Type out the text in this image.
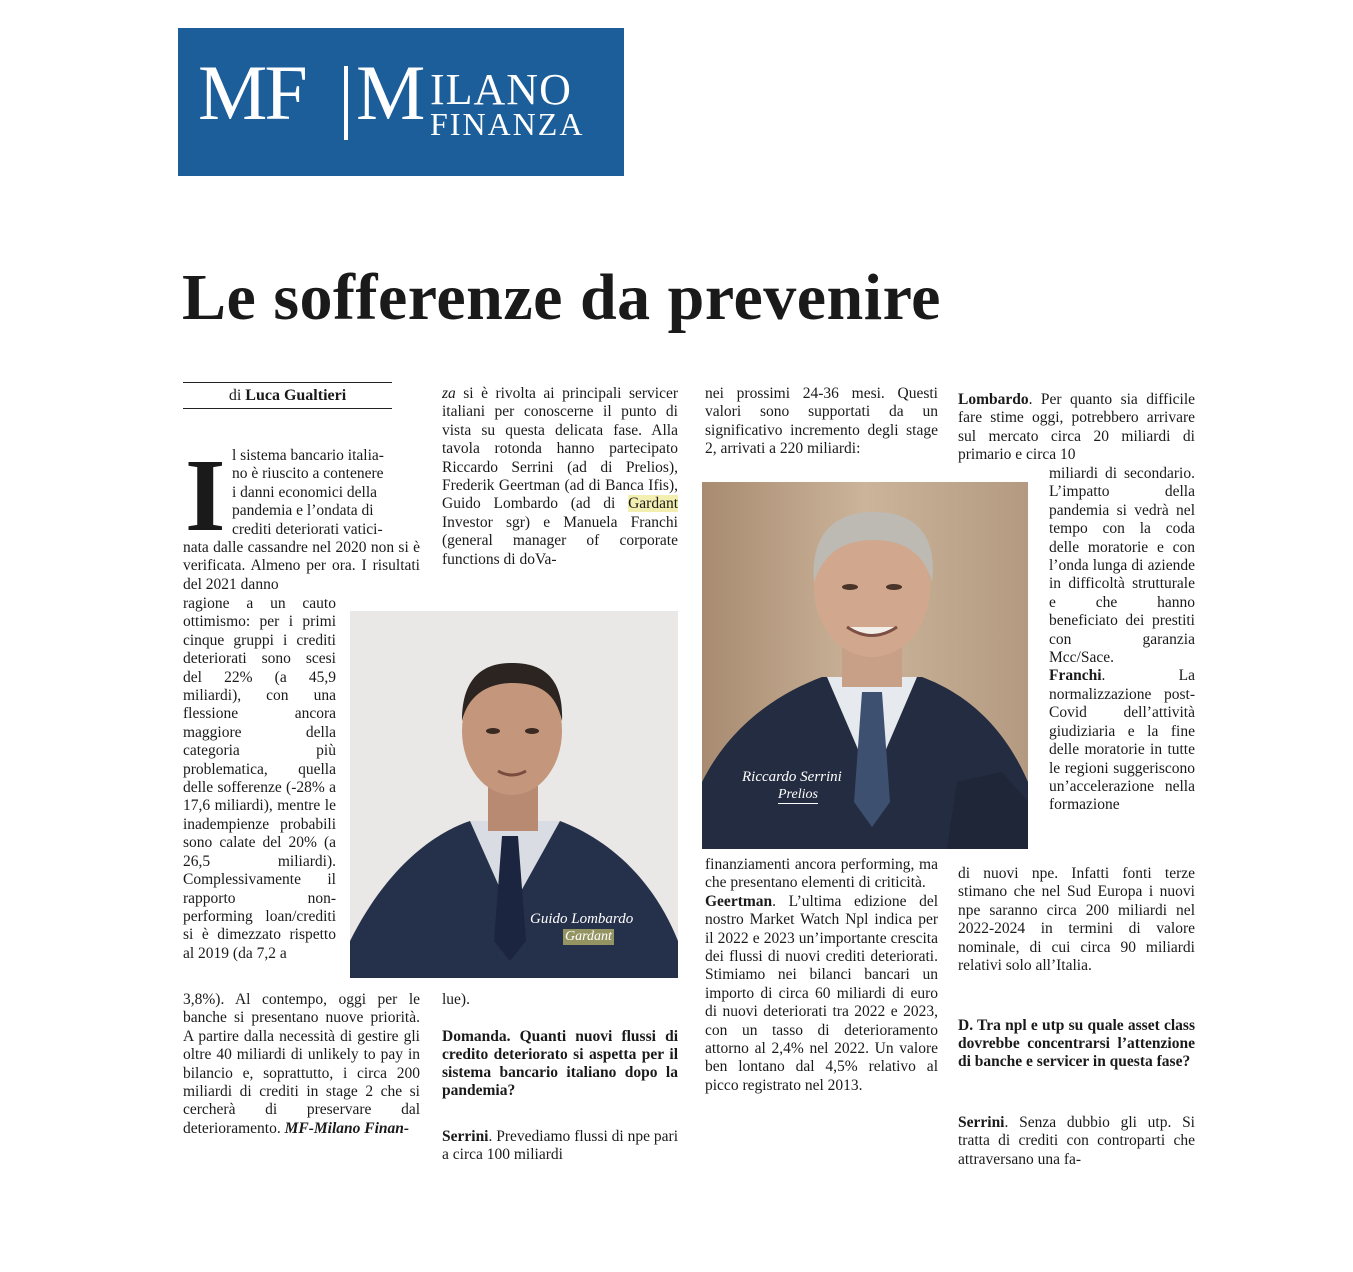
MF M ILANO
FINANZA
Le sofferenze da prevenire
di Luca Gualtieri
I l sistema bancario italia-
no è riuscito a contenere
i danni economici della
pandemia e l’ondata di
crediti deteriorati vatici-

nata dalle cassandre nel 2020 non si è verificata. Almeno per ora. I risultati del 2021 danno

ragione a un cauto ottimismo: per i primi cinque gruppi i crediti deteriorati sono scesi del 22% (a 45,9 miliardi), con una flessione ancora maggiore della categoria più problematica, quella delle sofferenze (-28% a 17,6 miliardi), mentre le inadempienze probabili sono calate del 20% (a 26,5 miliardi). Complessivamente il rapporto non-performing loan/crediti si è dimezzato rispetto al 2019 (da 7,2 a

3,8%). Al contempo, oggi per le banche si presentano nuove priorità. A partire dalla necessità di gestire gli oltre 40 miliardi di unlikely to pay in bilancio e, soprattutto, i circa 200 miliardi di crediti in stage 2 che si cercherà di preservare dal deterioramento. MF-Milano Finan-

za si è rivolta ai principali servicer italiani per conoscerne il punto di vista su questa delicata fase. Alla tavola rotonda hanno partecipato Riccardo Serrini (ad di Prelios), Frederik Geertman (ad di Banca Ifis), Guido Lombardo (ad di Gardant Investor sgr) e Manuela Franchi (general manager of corporate functions di doVa-

Guido Lombardo
Gardant

lue).

Domanda. Quanti nuovi flussi di credito deteriorato si aspetta per il sistema bancario italiano dopo la pandemia?

Serrini. Prevediamo flussi di npe pari a circa 100 miliardi

nei prossimi 24-36 mesi. Questi valori sono supportati da un significativo incremento degli stage 2, arrivati a 220 miliardi:

Riccardo Serrini
Prelios

finanziamenti ancora performing, ma che presentano elementi di criticità.
Geertman. L’ultima edizione del nostro Market Watch Npl indica per il 2022 e 2023 un’importante crescita dei flussi di nuovi crediti deteriorati. Stimiamo nei bilanci bancari un importo di circa 60 miliardi di euro di nuovi deteriorati tra 2022 e 2023, con un tasso di deterioramento attorno al 2,4% nel 2022. Un valore ben lontano dal 4,5% relativo al picco registrato nel 2013.

Lombardo. Per quanto sia difficile fare stime oggi, potrebbero arrivare sul mercato circa 20 miliardi di primario e circa 10

miliardi di secondario. L’impatto della pandemia si vedrà nel tempo con la coda delle moratorie e con l’onda lunga di aziende in difficoltà strutturale e che hanno beneficiato dei prestiti con garanzia Mcc/Sace.
Franchi. La normalizzazione post-Covid dell’attività giudiziaria e la fine delle moratorie in tutte le regioni suggeriscono un’accelerazione nella formazione

di nuovi npe. Infatti fonti terze stimano che nel Sud Europa i nuovi npe saranno circa 200 miliardi nel 2022-2024 in termini di valore nominale, di cui circa 90 miliardi relativi solo all’Italia.

D. Tra npl e utp su quale asset class dovrebbe concentrarsi l’attenzione di banche e servicer in questa fase?

Serrini. Senza dubbio gli utp. Si tratta di crediti con controparti che attraversano una fa-
